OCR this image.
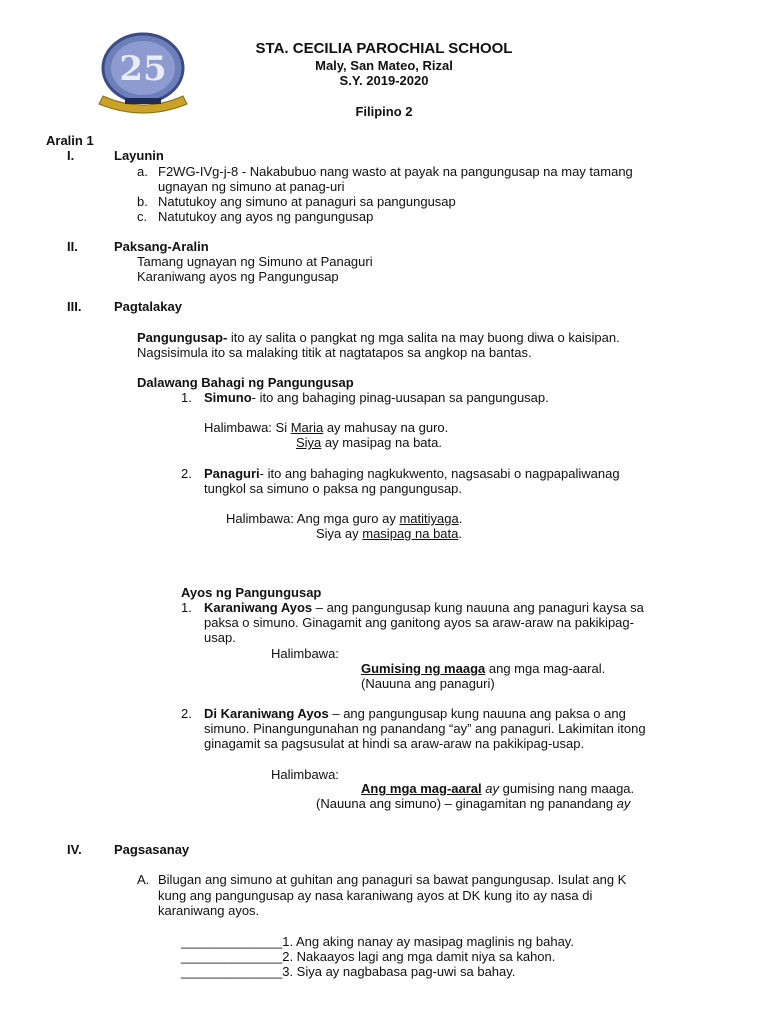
25
STA. CECILIA PAROCHIAL SCHOOL
Maly, San Mateo, Rizal
S.Y. 2019-2020
Filipino 2
Aralin 1
I.	Layunin
a. F2WG-IVg-j-8 - Nakabubuo nang wasto at payak na pangungusap na may tamang
ugnayan ng simuno at panag-uri
b. Natutukoy ang simuno at panaguri sa pangungusap
c. Natutukoy ang ayos ng pangungusap
II.	Paksang-Aralin
Tamang ugnayan ng Simuno at Panaguri
Karaniwang ayos ng Pangungusap
III.	Pagtalakay
Pangungusap- ito ay salita o pangkat ng mga salita na may buong diwa o kaisipan.
Nagsisimula ito sa malaking titik at nagtatapos sa angkop na bantas.
Dalawang Bahagi ng Pangungusap
1. Simuno- ito ang bahaging pinag-uusapan sa pangungusap.
Halimbawa: Si Maria ay mahusay na guro.
Siya ay masipag na bata.
2. Panaguri- ito ang bahaging nagkukwento, nagsasabi o nagpapaliwanag
tungkol sa simuno o paksa ng pangungusap.
Halimbawa: Ang mga guro ay matitiyaga.
Siya ay masipag na bata.
Ayos ng Pangungusap
1. Karaniwang Ayos – ang pangungusap kung nauuna ang panaguri kaysa sa
paksa o simuno. Ginagamit ang ganitong ayos sa araw-araw na pakikipag-
usap.
Halimbawa:
Gumising ng maaga ang mga mag-aaral.
(Nauuna ang panaguri)
2. Di Karaniwang Ayos – ang pangungusap kung nauuna ang paksa o ang
simuno. Pinangungunahan ng panandang “ay” ang panaguri. Lakimitan itong
ginagamit sa pagsusulat at hindi sa araw-araw na pakikipag-usap.
Halimbawa:
Ang mga mag-aaral ay gumising nang maaga.
(Nauuna ang simuno) – ginagamitan ng panandang ay
IV. Pagsasanay
A. Bilugan ang simuno at guhitan ang panaguri sa bawat pangungusap. Isulat ang K
kung ang pangungusap ay nasa karaniwang ayos at DK kung ito ay nasa di
karaniwang ayos.
______________1. Ang aking nanay ay masipag maglinis ng bahay.
______________2. Nakaayos lagi ang mga damit niya sa kahon.
______________3. Siya ay nagbabasa pag-uwi sa bahay.
